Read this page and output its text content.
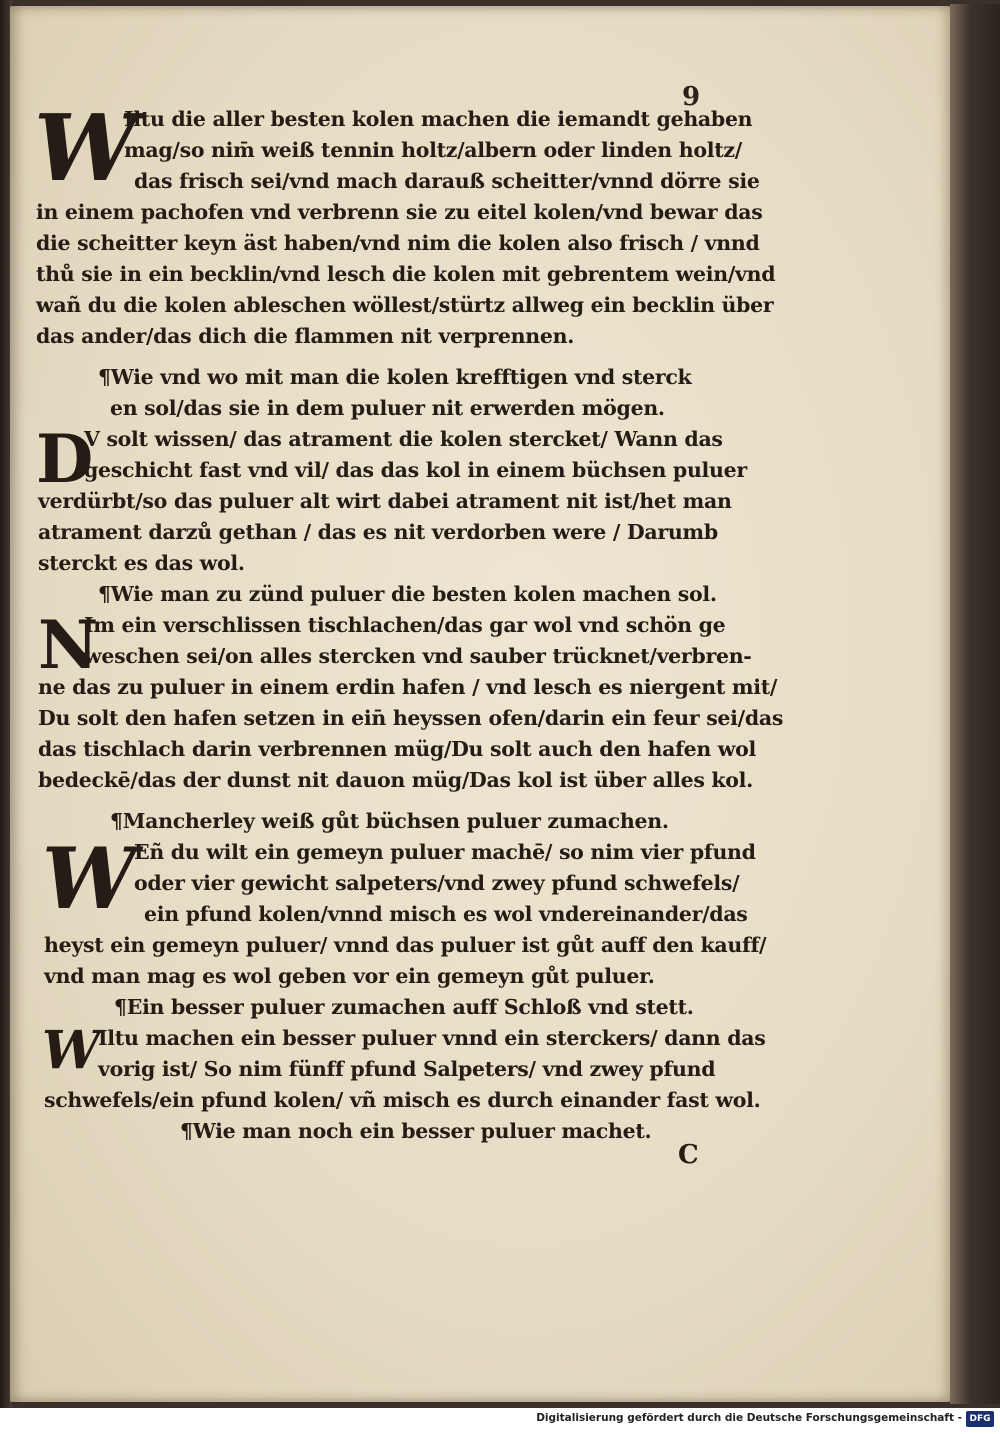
9
W
Iltu die aller besten kolen machen die iemandt gehaben
mag/so nim̄ weiß tennin holtz/albern oder linden holtz/
das frisch sei/vnd mach darauß scheitter/vnnd dörre sie
in einem pachofen vnd verbrenn sie zu eitel kolen/vnd bewar das
die scheitter keyn äst haben/vnd nim die kolen also frisch / vnnd
thů sie in ein becklin/vnd lesch die kolen mit gebrentem wein/vnd
wañ du die kolen ableschen wöllest/stürtz allweg ein becklin über
das ander/das dich die flammen nit verprennen.
¶Wie vnd wo mit man die kolen krefftigen vnd sterck
en sol/das sie in dem puluer nit erwerden mögen.
D
V solt wissen/ das atrament die kolen stercket/ Wann das
geschicht fast vnd vil/ das das kol in einem büchsen puluer
verdürbt/so das puluer alt wirt dabei atrament nit ist/het man
atrament darzů gethan / das es nit verdorben were / Darumb
sterckt es das wol.
¶Wie man zu zünd puluer die besten kolen machen sol.
N
Im ein verschlissen tischlachen/das gar wol vnd schön ge
weschen sei/on alles stercken vnd sauber trücknet/verbren-
ne das zu puluer in einem erdin hafen / vnd lesch es niergent mit/
Du solt den hafen setzen in ein̄ heyssen ofen/darin ein feur sei/das
das tischlach darin verbrennen müg/Du solt auch den hafen wol
bedeckē/das der dunst nit dauon müg/Das kol ist über alles kol.
¶Mancherley weiß gůt büchsen puluer zumachen.
W
Eñ du wilt ein gemeyn puluer machē/ so nim vier pfund
oder vier gewicht salpeters/vnd zwey pfund schwefels/
ein pfund kolen/vnnd misch es wol vndereinander/das
heyst ein gemeyn puluer/ vnnd das puluer ist gůt auff den kauff/
vnd man mag es wol geben vor ein gemeyn gůt puluer.
¶Ein besser puluer zumachen auff Schloß vnd stett.
W
Iltu machen ein besser puluer vnnd ein sterckers/ dann das
vorig ist/ So nim fünff pfund Salpeters/ vnd zwey pfund
schwefels/ein pfund kolen/ vñ misch es durch einander fast wol.
¶Wie man noch ein besser puluer machet.
C
Digitalisierung gefördert durch die Deutsche Forschungsgemeinschaft - DFG
